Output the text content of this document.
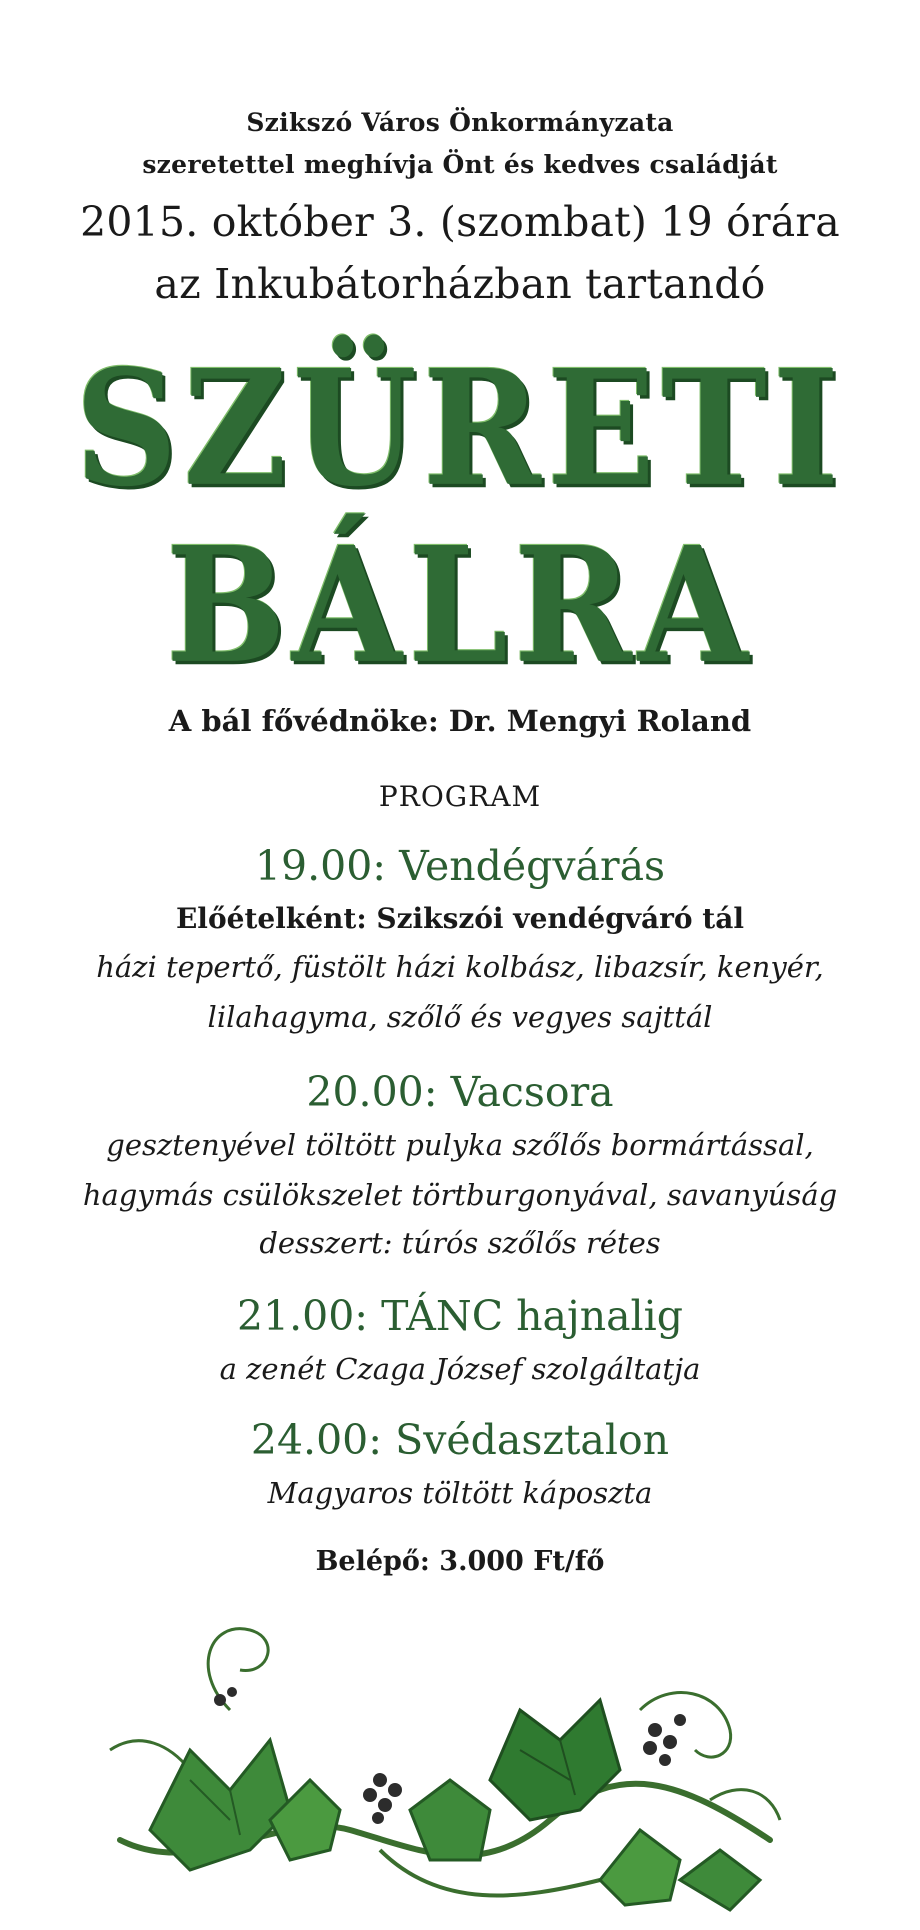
Szikszó Város Önkormányzata
szeretettel meghívja Önt és kedves családját
2015. október 3. (szombat) 19 órára
az Inkubátorházban tartandó
SZÜRETI
BÁLRA
A bál fővédnöke: Dr. Mengyi Roland
PROGRAM
19.00: Vendégvárás
Előételként: Szikszói vendégváró tál
házi tepertő, füstölt házi kolbász, libazsír, kenyér,
lilahagyma, szőlő és vegyes sajttál
20.00: Vacsora
gesztenyével töltött pulyka szőlős bormártással,
hagymás csülökszelet törtburgonyával, savanyúság
desszert: túrós szőlős rétes
21.00: TÁNC hajnalig
a zenét Czaga József szolgáltatja
24.00: Svédasztalon
Magyaros töltött káposzta
Belépő: 3.000 Ft/fő
